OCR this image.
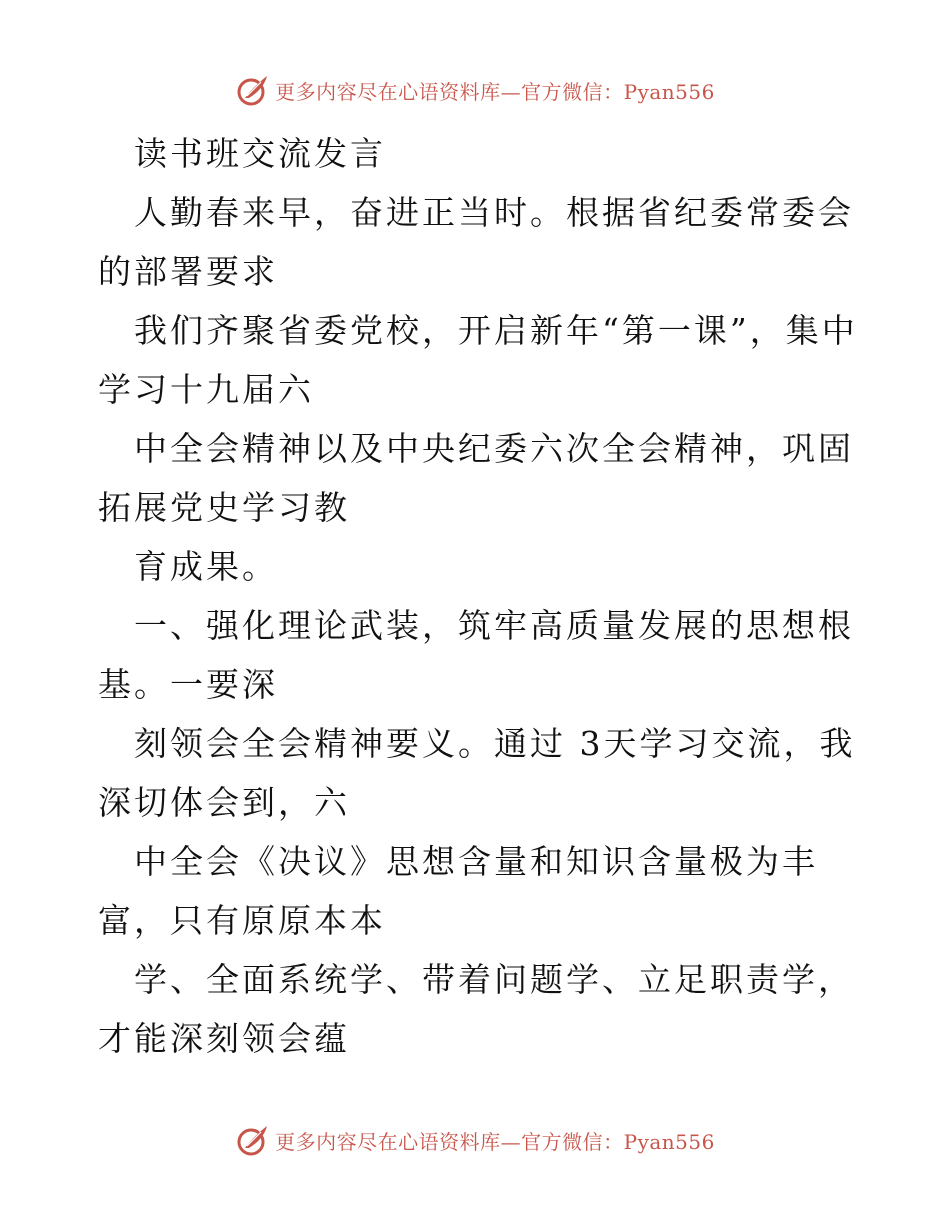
更多内容尽在心语资料库—官方微信：Pyan556

读书班交流发言

人勤春来早，奋进正当时。根据省纪委常委会的部署要求

我们齐聚省委党校，开启新年“第一课”，集中学习十九届六

中全会精神以及中央纪委六次全会精神，巩固拓展党史学习教

育成果。

一、强化理论武装，筑牢高质量发展的思想根基。一要深

刻领会全会精神要义。通过 3天学习交流，我深切体会到，六

中全会《决议》思想含量和知识含量极为丰富，只有原原本本

学、全面系统学、带着问题学、立足职责学，才能深刻领会蕴

更多内容尽在心语资料库—官方微信：Pyan556
